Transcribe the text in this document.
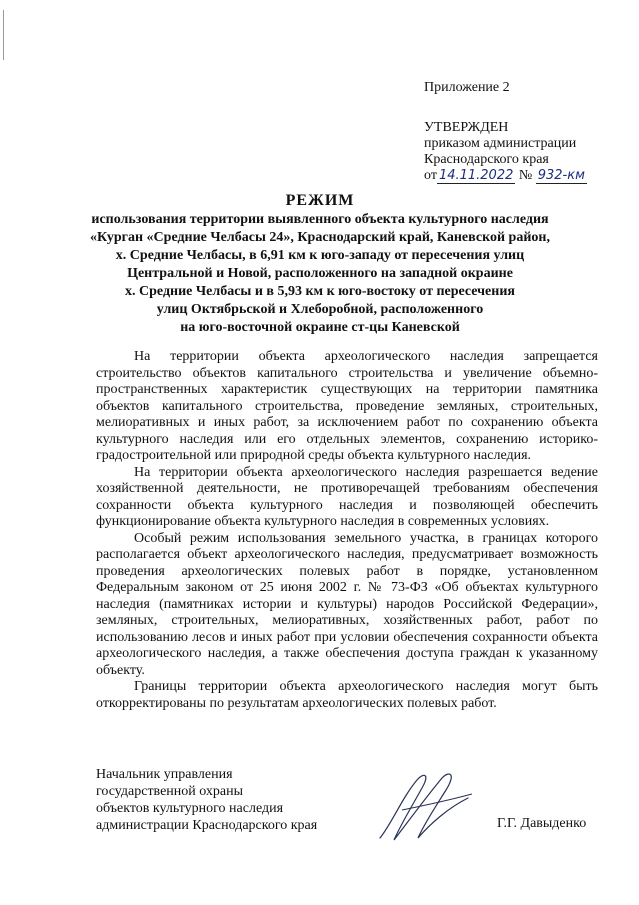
Приложение 2
УТВЕРЖДЕН
приказом администрации
Краснодарского края
от 14.11.2022 № 932-км
РЕЖИМ
использования территории выявленного объекта культурного наследия
«Курган «Средние Челбасы 24», Краснодарский край, Каневской район,
х. Средние Челбасы, в 6,91 км к юго-западу от пересечения улиц
Центральной и Новой, расположенного на западной окраине
х. Средние Челбасы и в 5,93 км к юго-востоку от пересечения
улиц Октябрьской и Хлеборобной, расположенного
на юго-восточной окраине ст-цы Каневской

На территории объекта археологического наследия запрещается строительство объектов капитального строительства и увеличение объемно-пространственных характеристик существующих на территории памятника объектов капитального строительства, проведение земляных, строительных, мелиоративных и иных работ, за исключением работ по сохранению объекта культурного наследия или его отдельных элементов, сохранению историко-градостроительной или природной среды объекта культурного наследия.

На территории объекта археологического наследия разрешается ведение хозяйственной деятельности, не противоречащей требованиям обеспечения сохранности объекта культурного наследия и позволяющей обеспечить функционирование объекта культурного наследия в современных условиях.

Особый режим использования земельного участка, в границах которого располагается объект археологического наследия, предусматривает возможность проведения археологических полевых работ в порядке, установленном Федеральным законом от 25 июня 2002 г. № 73-ФЗ «Об объектах культурного наследия (памятниках истории и культуры) народов Российской Федерации», земляных, строительных, мелиоративных, хозяйственных работ, работ по использованию лесов и иных работ при условии обеспечения сохранности объекта археологического наследия, а также обеспечения доступа граждан к указанному объекту.

Границы территории объекта археологического наследия могут быть откорректированы по результатам археологических полевых работ.

Начальник управления
государственной охраны
объектов культурного наследия
администрации Краснодарского края	Г.Г. Давыденко
